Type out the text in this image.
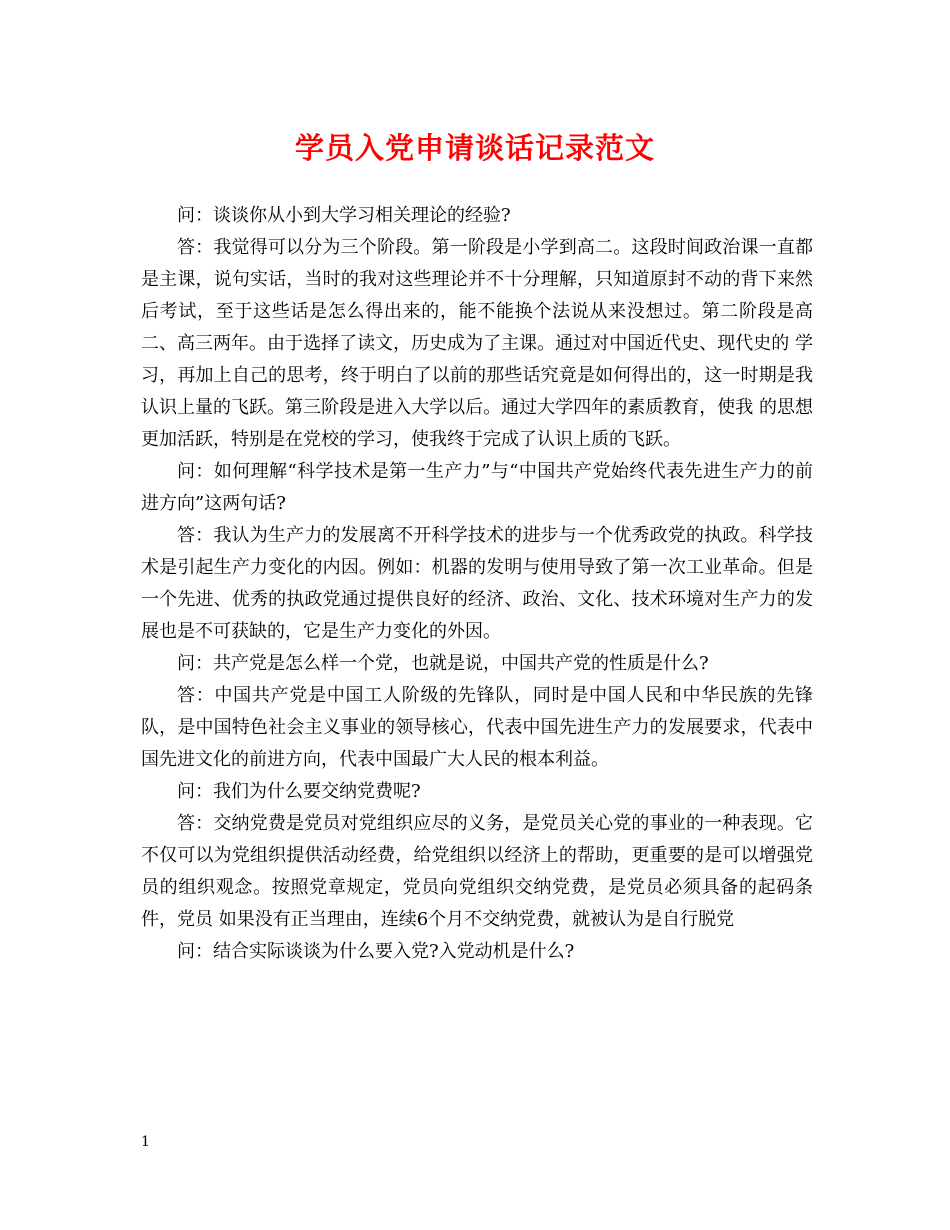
学员入党申请谈话记录范文

问：谈谈你从小到大学习相关理论的经验?

答：我觉得可以分为三个阶段。第一阶段是小学到高二。这段时间政治课一直都是主课，说句实话，当时的我对这些理论并不十分理解，只知道原封不动的背下来然 后考试，至于这些话是怎么得出来的，能不能换个法说从来没想过。第二阶段是高二、高三两年。由于选择了读文，历史成为了主课。通过对中国近代史、现代史的 学习，再加上自己的思考，终于明白了以前的那些话究竟是如何得出的，这一时期是我认识上量的飞跃。第三阶段是进入大学以后。通过大学四年的素质教育，使我 的思想更加活跃，特别是在党校的学习，使我终于完成了认识上质的飞跃。

问：如何理解“科学技术是第一生产力”与“中国共产党始终代表先进生产力的前进方向”这两句话?

答：我认为生产力的发展离不开科学技术的进步与一个优秀政党的执政。科学技术是引起生产力变化的内因。例如：机器的发明与使用导致了第一次工业革命。但是 一个先进、优秀的执政党通过提供良好的经济、政治、文化、技术环境对生产力的发展也是不可获缺的，它是生产力变化的外因。

问：共产党是怎么样一个党，也就是说，中国共产党的性质是什么?

答：中国共产党是中国工人阶级的先锋队，同时是中国人民和中华民族的先锋队，是中国特色社会主义事业的领导核心，代表中国先进生产力的发展要求，代表中国先进文化的前进方向，代表中国最广大人民的根本利益。

问：我们为什么要交纳党费呢?

答：交纳党费是党员对党组织应尽的义务，是党员关心党的事业的一种表现。它不仅可以为党组织提供活动经费，给党组织以经济上的帮助，更重要的是可以增强党员的组织观念。按照党章规定，党员向党组织交纳党费，是党员必须具备的起码条件，党员 如果没有正当理由，连续6个月不交纳党费，就被认为是自行脱党

问：结合实际谈谈为什么要入党?入党动机是什么?

1
